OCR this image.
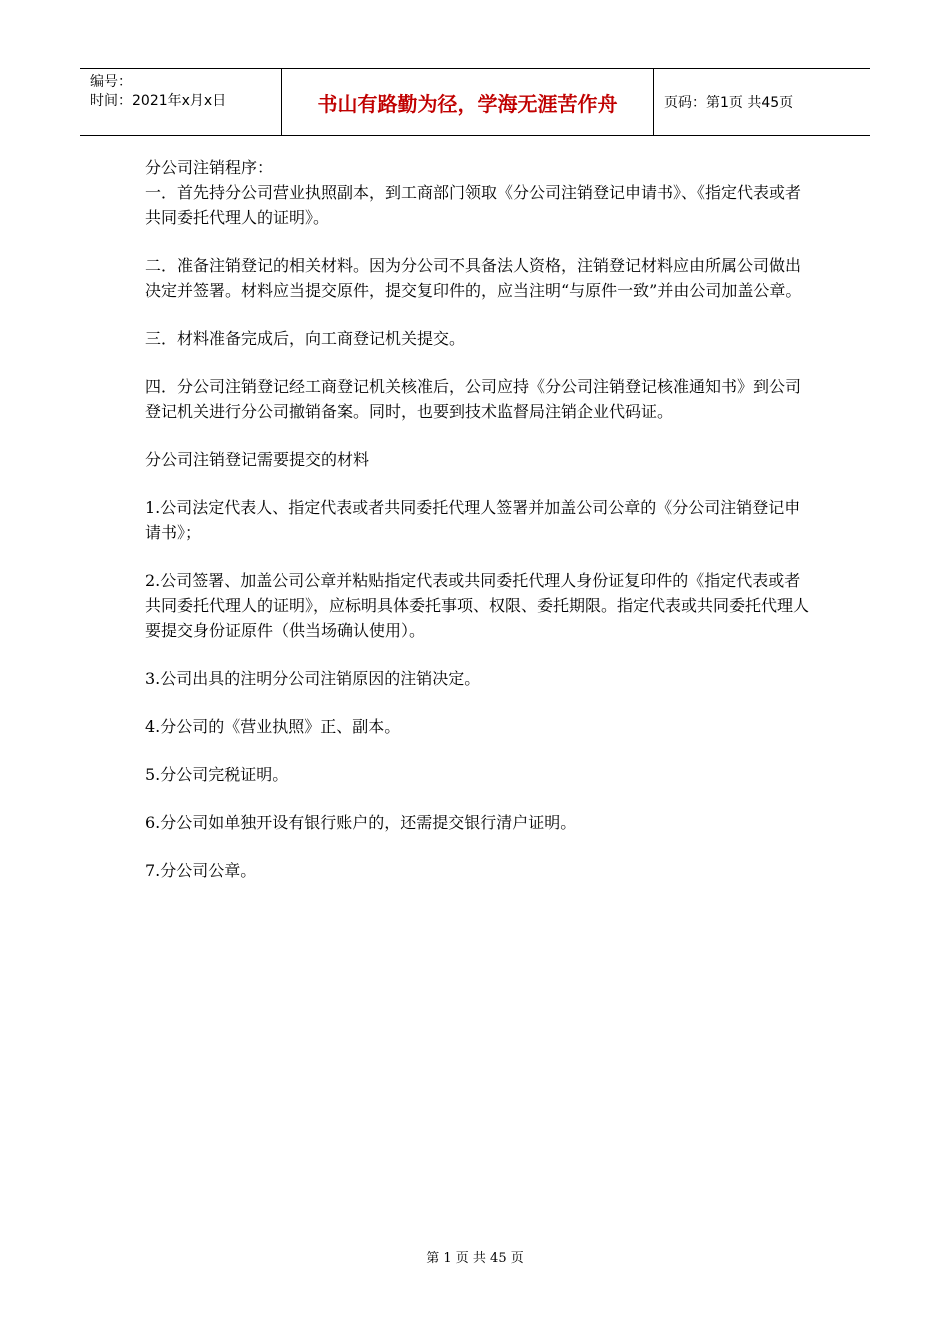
编号：
时间：2021年x月x日	书山有路勤为径，学海无涯苦作舟	页码：第1页 共45页

分公司注销程序：

一．首先持分公司营业执照副本，到工商部门领取《分公司注销登记申请书》、《指定代表或者共同委托代理人的证明》。

二．准备注销登记的相关材料。因为分公司不具备法人资格，注销登记材料应由所属公司做出决定并签署。材料应当提交原件，提交复印件的，应当注明“与原件一致”并由公司加盖公章。

三．材料准备完成后，向工商登记机关提交。

四．分公司注销登记经工商登记机关核准后，公司应持《分公司注销登记核准通知书》到公司登记机关进行分公司撤销备案。同时，也要到技术监督局注销企业代码证。

分公司注销登记需要提交的材料

1.公司法定代表人、指定代表或者共同委托代理人签署并加盖公司公章的《分公司注销登记申请书》；

2.公司签署、加盖公司公章并粘贴指定代表或共同委托代理人身份证复印件的《指定代表或者共同委托代理人的证明》，应标明具体委托事项、权限、委托期限。指定代表或共同委托代理人要提交身份证原件（供当场确认使用）。

3.公司出具的注明分公司注销原因的注销决定。

4.分公司的《营业执照》正、副本。

5.分公司完税证明。

6.分公司如单独开设有银行账户的，还需提交银行清户证明。

7.分公司公章。

第 1 页 共 45 页
